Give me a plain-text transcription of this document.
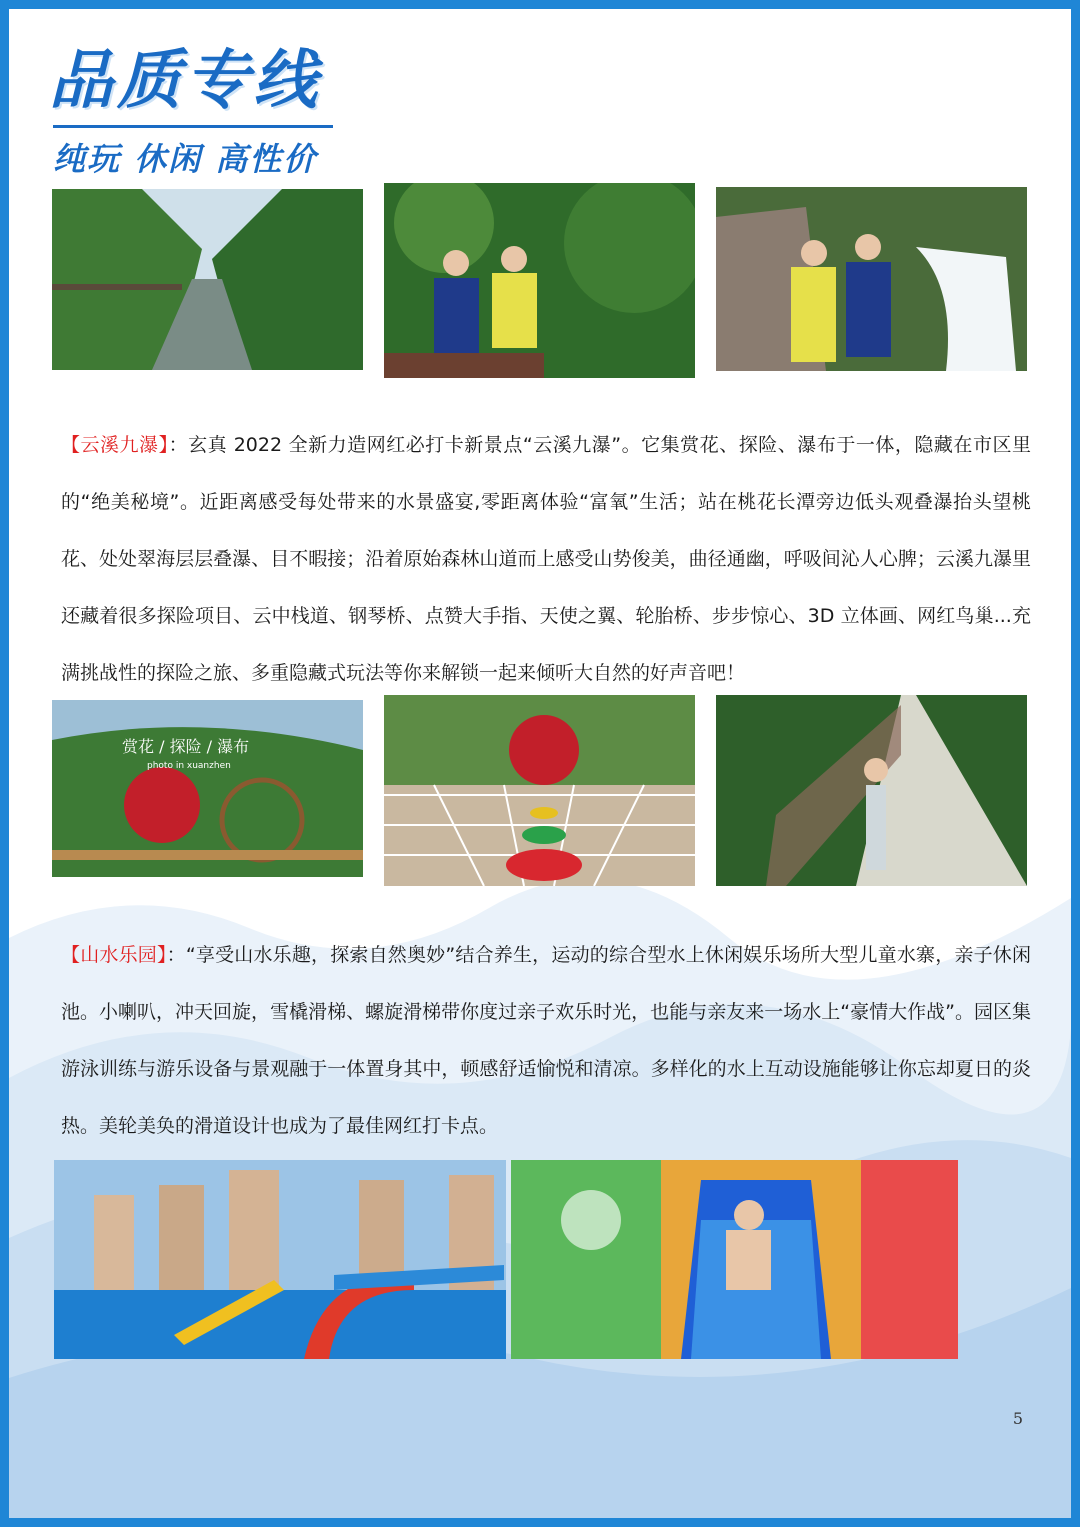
品质专线
纯玩 休闲 高性价
【云溪九瀑】：玄真 2022 全新力造网红必打卡新景点“云溪九瀑”。它集赏花、探险、瀑布于一体，隐藏在市区里的“绝美秘境”。近距离感受每处带来的水景盛宴,零距离体验“富氧”生活；站在桃花长潭旁边低头观叠瀑抬头望桃花、处处翠海层层叠瀑、目不暇接；沿着原始森林山道而上感受山势俊美，曲径通幽，呼吸间沁人心脾；云溪九瀑里还藏着很多探险项目、云中栈道、钢琴桥、点赞大手指、天使之翼、轮胎桥、步步惊心、3D 立体画、网红鸟巢...充满挑战性的探险之旅、多重隐藏式玩法等你来解锁一起来倾听大自然的好声音吧！
赏花 / 探险 / 瀑布
photo in xuanzhen
【山水乐园】：“享受山水乐趣，探索自然奥妙”结合养生，运动的综合型水上休闲娱乐场所大型儿童水寨，亲子休闲池。小喇叭，冲天回旋，雪橇滑梯、螺旋滑梯带你度过亲子欢乐时光，也能与亲友来一场水上“豪情大作战”。园区集游泳训练与游乐设备与景观融于一体置身其中，顿感舒适愉悦和清凉。多样化的水上互动设施能够让你忘却夏日的炎热。美轮美奂的滑道设计也成为了最佳网红打卡点。
5
